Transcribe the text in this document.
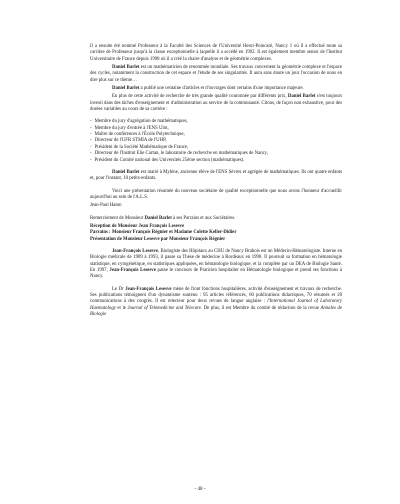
Il a ensuite été nommé Professeur à la Faculté des Sciences de l'Université Henri-Poincaré, Nancy 1 où il a effectué toute sa carrière de Professeur jusqu'à la classe exceptionnelle à laquelle il a accédé en 1992. Il est également membre senior de l'Institut Universitaire de France depuis 1998 où il a créé la chaire d'analyse et de géométrie complexes.

Daniel Barlet est un mathématicien de renommée mondiale. Ses travaux concernent la géométrie complexe et l'espace des cycles, notamment la construction de cet espace et l'étude de ses singularités. Il aura sans doute un jour l'occasion de nous en dire plus sur ce thème…

Daniel Barlet a publié une centaine d'articles et d'ouvrages dont certains d'une importance majeure.

En plus de cette activité de recherche de très grande qualité couronnée par différents prix, Daniel Barlet s'est toujours investi dans des tâches d'enseignement et d'administration au service de la communauté. Citons, de façon non exhaustive, pour des durées variables au cours de sa carrière :

- Membre du jury d'agrégation de mathématiques,
- Membre du jury d'entrée à l'ENS Ulm,
- Maître de conférences à l'École Polytechnique,
- Directeur de l'UFR STMIA de l'UHP,
- Président de la Société Mathématique de France,
- Directeur de l'Institut Elie Cartan, le laboratoire de recherche en mathématiques de Nancy,
- Président du Comité national des Universités 25ème section (mathématiques).

Daniel Barlet est marié à Mylène, ancienne élève de l'ENS Sèvres et agrégée de mathématiques. Ils ont quatre enfants et, pour l'instant, 10 petits-enfants.

Voici une présentation résumée du nouveau sociétaire de qualité exceptionnelle que nous avons l'honneur d'accueillir aujourd'hui au sein de l'A.L.S.

Jean-Paul Haton

Remerciement de Monsieur Daniel Barlet à ses Parrains et aux Sociétaires.

Réception de Monsieur Jean François Lesesve

Parrains : Monsieur François Régnier et Madame Colette Keller-Didier

Présentation de Monsieur Lesesve par Monsieur François Régnier

Jean-François Lesesve, Biologiste des Hôpitaux au CHU de Nancy Brabois est un Médecin-Hématologiste. Interne en Biologie médicale de 1989 à 1993, il passe sa Thèse de médecine à Bordeaux en 1990. Il poursuit sa formation en hématologie statistique, en cytogénétique, en statistiques appliquées, en hématologie biologique, et la complète par un DEA de Biologie Santé. En 1997, Jean-François Lesesve passe le concours de Praticien hospitalier en Hématologie biologique et prend ses fonctions à Nancy.

Le Dr Jean-François Lesesve mène de front fonctions hospitalières, activité d'enseignement et travaux de recherche. Ses publications témoignent d'un dynamisme soutenu : 95 articles référencés, 60 publications didactiques, 70 résumés et 20 communications à des congrès. Il est relecteur pour deux revues de langue anglaise : l'International Journal of Laboratory Haematology et le Journal of Telemedicine and Telecare. De plus, il est Membre du comité de rédaction de la revue Annales de Biologie

- 48 -
